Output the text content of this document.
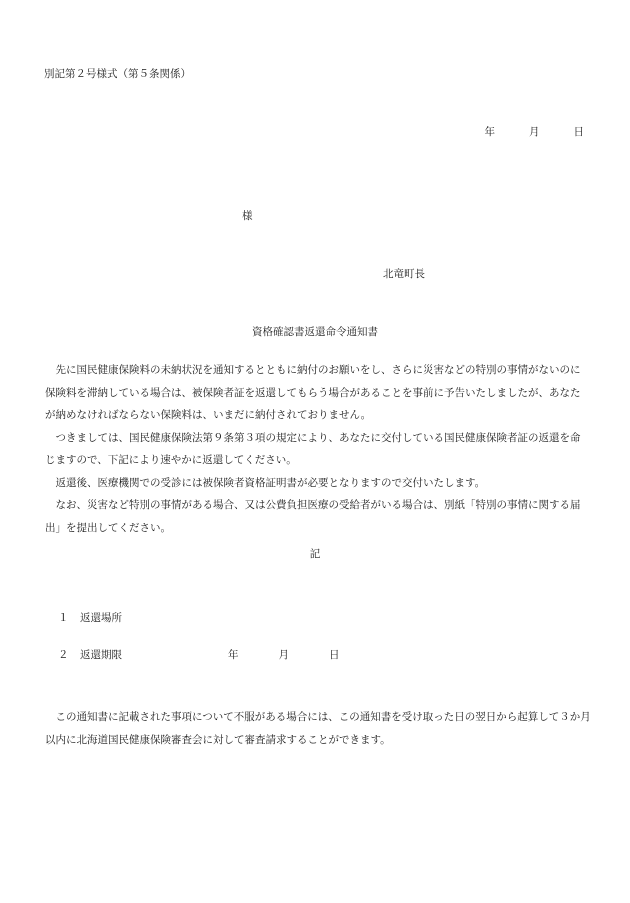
別記第２号様式（第５条関係）
年	月	日
様
北竜町長
資格確認書返還命令通知書

先に国民健康保険料の未納状況を通知するとともに納付のお願いをし、さらに災害などの特別の事情がないのに保険料を滞納している場合は、被保険者証を返還してもらう場合があることを事前に予告いたしましたが、あなたが納めなければならない保険料は、いまだに納付されておりません。

つきましては、国民健康保険法第９条第３項の規定により、あなたに交付している国民健康保険者証の返還を命じますので、下記により速やかに返還してください。

返還後、医療機関での受診には被保険者資格証明書が必要となりますので交付いたします。

なお、災害など特別の事情がある場合、又は公費負担医療の受給者がいる場合は、別紙「特別の事情に関する届出」を提出してください。

記
１ 返還場所
２ 返還期限	年	月	日

この通知書に記載された事項について不服がある場合には、この通知書を受け取った日の翌日から起算して３か月以内に北海道国民健康保険審査会に対して審査請求することができます。
